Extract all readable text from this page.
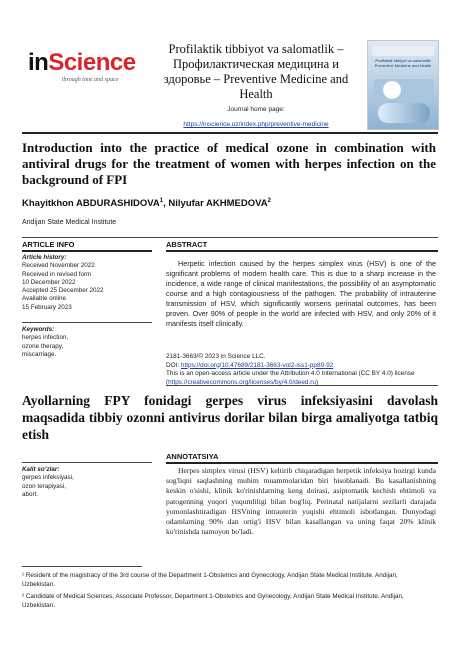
inScience
through time and space
Profilaktik tibbiyot va salomatlik – Профилактическая медицина и здоровье – Preventive Medicine and Health
Journal home page:
https://inscience.uz/index.php/preventive-medicine
Profilaktik tibbiyot va salomatlik Preventive Medicine and Health
Introduction into the practice of medical ozone in combination with antiviral drugs for the treatment of women with herpes infection on the background of FPI
Khayitkhon ABDURASHIDOVA$^1$, Nilyufar AKHMEDOVA$^2$
Andijan State Medical Institute
ARTICLE INFO	ABSTRACT
Article history:
Received November 2022
Received in revised form
10 December 2022
Accepted 25 December 2022
Available online
15 February 2023
Keywords:
herpes infection,
ozone therapy,
miscarriage.
Herpetic infection caused by the herpes simplex virus (HSV) is one of the significant problems of modern health care. This is due to a sharp increase in the incidence, a wide range of clinical manifestations, the possibility of an asymptomatic course and a high contagiousness of the pathogen. The probability of intrauterine transmission of HSV, which significantly worsens perinatal outcomes, has been proven. Over 90% of people in the world are infected with HSV, and only 20% of it manifests itself clinically.
2181-3663/© 2023 in Science LLC.
DOI: https://doi.org/10.47689/2181-3663-vol2-iss1-pp89-92
This is an open-access article under the Attribution 4.0 International (CC BY 4.0) license (https://creativecommons.org/licenses/by/4.0/deed.ru)
Ayollarning FPY fonidagi gerpes virus infeksiyasini davolash maqsadida tibbiy ozonni antivirus dorilar bilan birga amaliyotga tatbiq etish
ANNOTATSIYA
Kalit so’zlar:
gerpes infeksiyasi,
ozon terapiyasi,
abort.
Herpes simplex virusi (HSV) keltirib chiqaradigan herpetik infeksiya hozirgi kunda sog'liqni saqlashning muhim muammolaridan biri hisoblanadi. Bu kasallanishning keskin o'sishi, klinik ko'rinishlarning keng doirasi, asiptomatik kechish ehtimoli va patogenning yuqori yuqumliligi bilan bog'liq. Perinatal natijalarni sezilarli darajada yomonlashtiradigan HSVning intrauterin yuqishi ehtimoli isbotlangan. Dunyodagi odamlarning 90% dan ortig'i HSV bilan kasallangan va uning faqat 20% klinik ko'rinishda namoyon bo'ladi.
¹ Resident of the magistracy of the 3rd course of the Department 1-Obstetrics and Gynecology, Andijan State Medical Institute. Andijan, Uzbekistan.
² Candidate of Medical Sciences, Associate Professor, Department 1-Obstetrics and Gynecology, Andijan State Medical Institute. Andijan, Uzbekistan.
